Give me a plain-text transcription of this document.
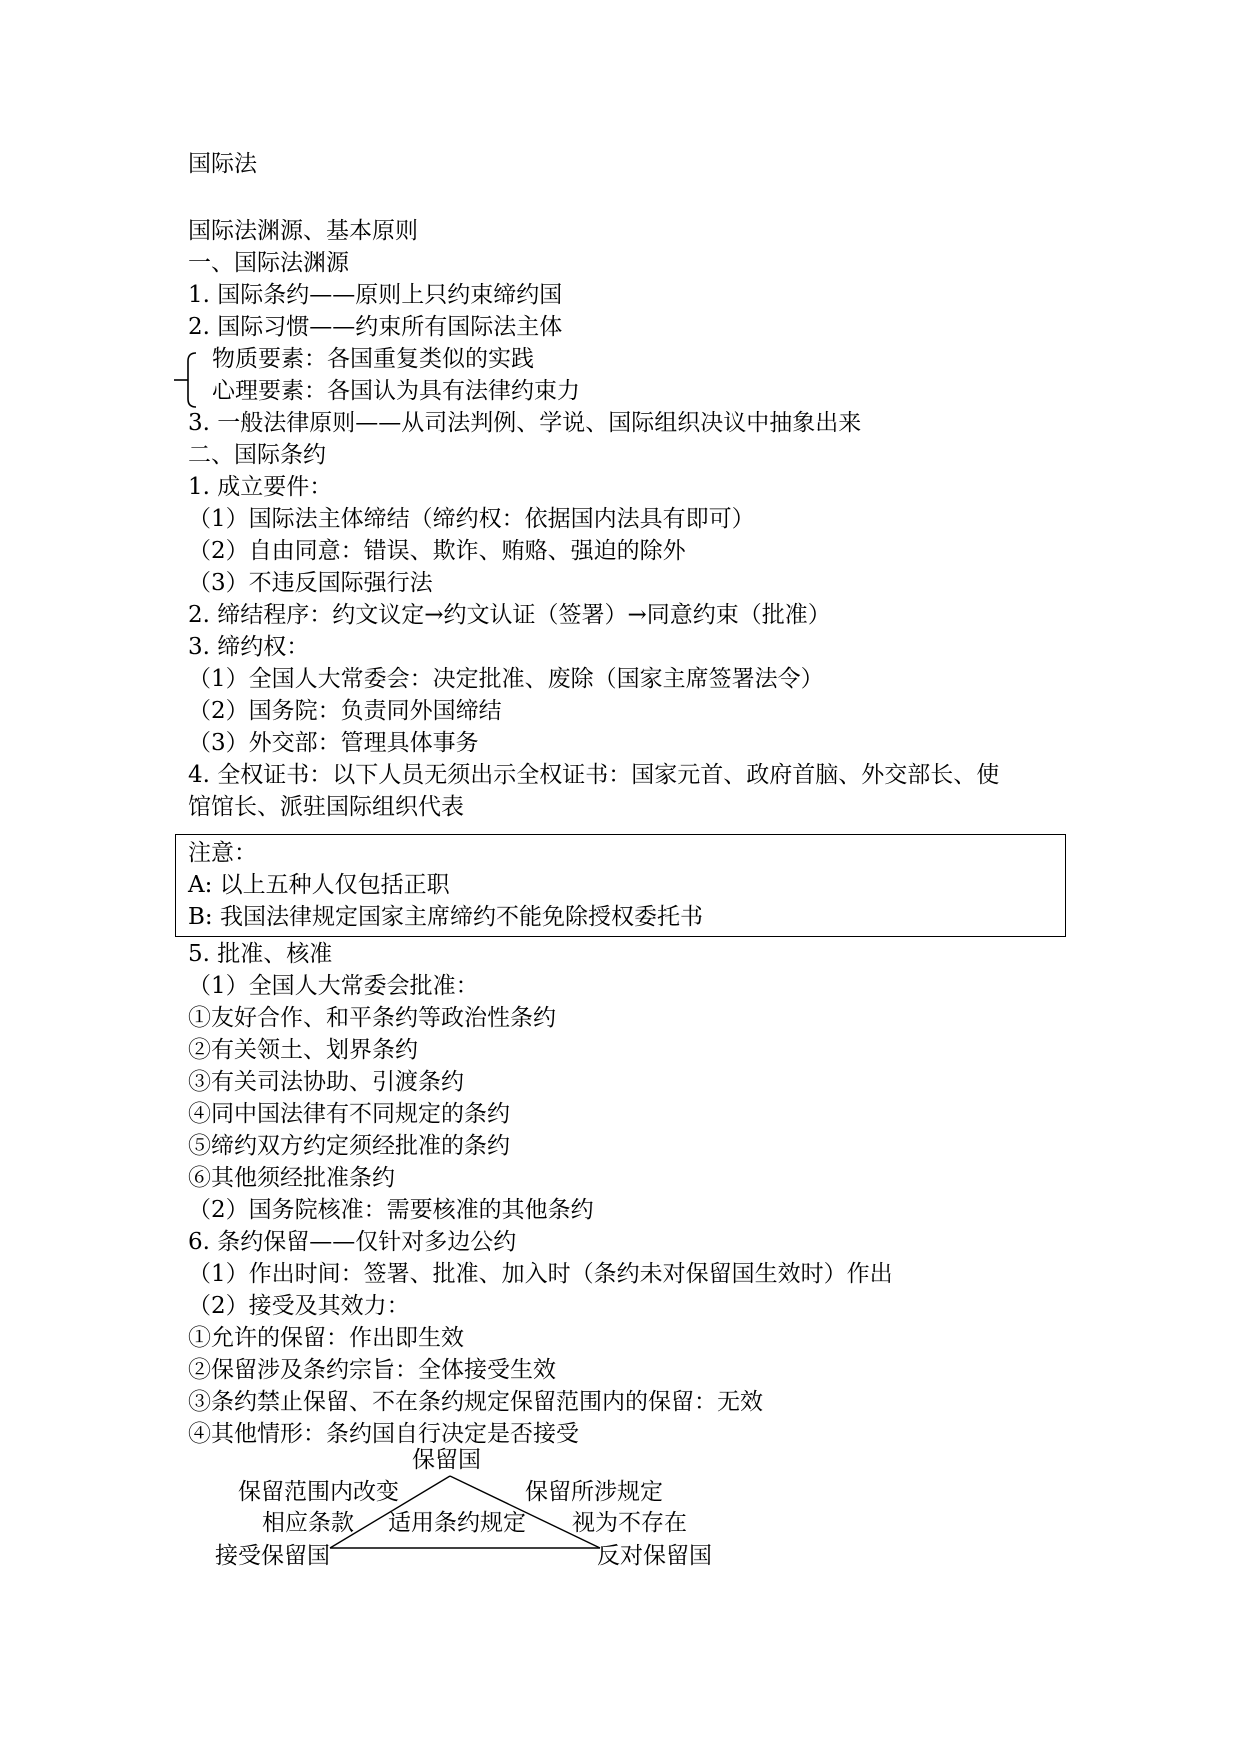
国际法
国际法渊源、基本原则
一、国际法渊源
1. 国际条约——原则上只约束缔约国
2. 国际习惯——约束所有国际法主体
物质要素：各国重复类似的实践
心理要素：各国认为具有法律约束力
3. 一般法律原则——从司法判例、学说、国际组织决议中抽象出来
二、国际条约
1. 成立要件：
（1）国际法主体缔结（缔约权：依据国内法具有即可）
（2）自由同意：错误、欺诈、贿赂、强迫的除外
（3）不违反国际强行法
2. 缔结程序：约文议定→约文认证（签署）→同意约束（批准）
3. 缔约权：
（1）全国人大常委会：决定批准、废除（国家主席签署法令）
（2）国务院：负责同外国缔结
（3）外交部：管理具体事务
4. 全权证书：以下人员无须出示全权证书：国家元首、政府首脑、外交部长、使
馆馆长、派驻国际组织代表
注意：
A: 以上五种人仅包括正职
B: 我国法律规定国家主席缔约不能免除授权委托书
5. 批准、核准
（1）全国人大常委会批准：
①友好合作、和平条约等政治性条约
②有关领土、划界条约
③有关司法协助、引渡条约
④同中国法律有不同规定的条约
⑤缔约双方约定须经批准的条约
⑥其他须经批准条约
（2）国务院核准：需要核准的其他条约
6. 条约保留——仅针对多边公约
（1）作出时间：签署、批准、加入时（条约未对保留国生效时）作出
（2）接受及其效力：
①允许的保留：作出即生效
②保留涉及条约宗旨：全体接受生效
③条约禁止保留、不在条约规定保留范围内的保留：无效
④其他情形：条约国自行决定是否接受
保留国
保留范围内改变
相应条款
保留所涉规定
视为不存在
适用条约规定
接受保留国	反对保留国
